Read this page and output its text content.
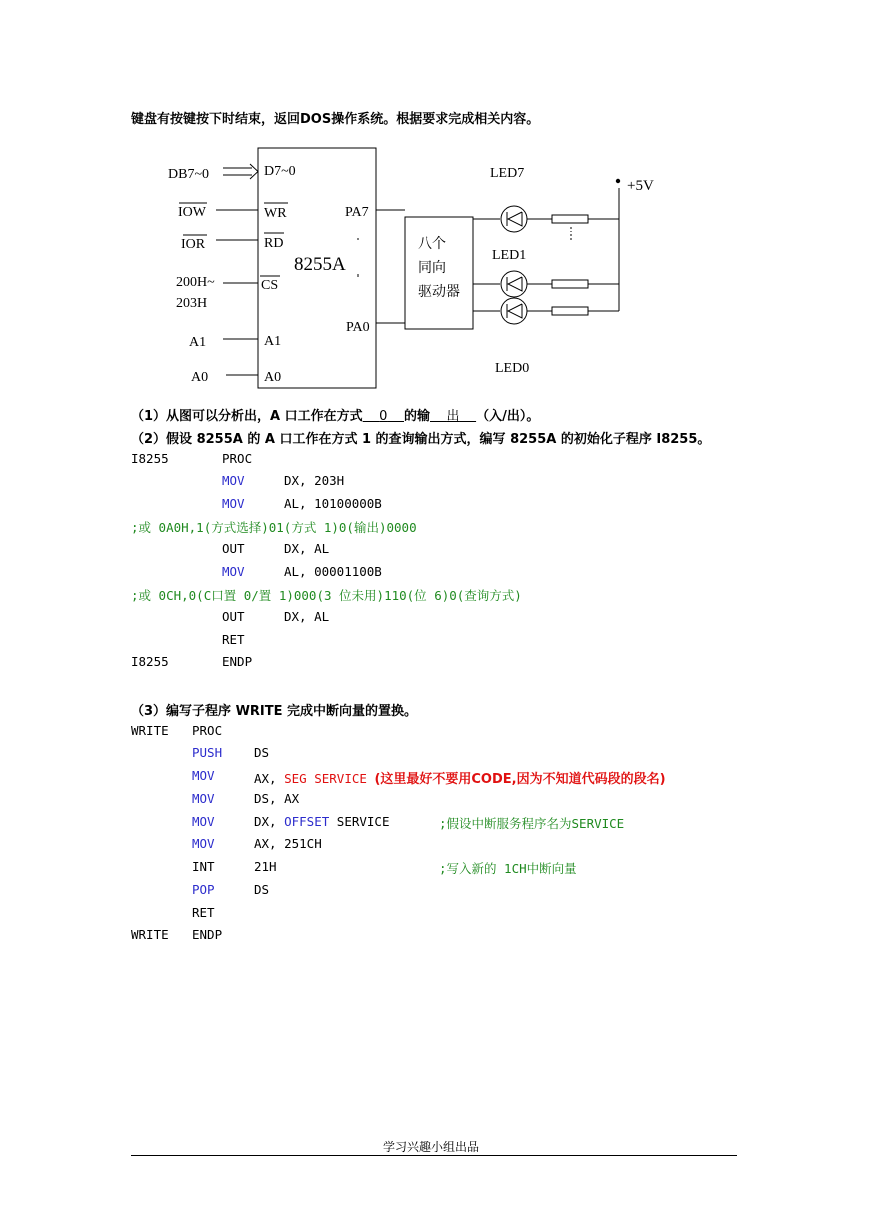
键盘有按键按下时结束，返回DOS操作系统。根据要求完成相关内容。
DB7~0
IOW
IOR
200H~
203H
A1
A0
D7~0
WR
RD
CS
A1
A0
8255A
PA7
PA0
LED7
LED1
LED0
+5V
八个
同向
驱动器
（1）从图可以分析出，A 口工作在方式 0 的输 出 （入/出）。
（2）假设 8255A 的 A 口工作在方式 1 的查询输出方式，编写 8255A 的初始化子程序 I8255。
I8255	PROC
MOV	DX, 203H
MOV	AL, 10100000B
;或 0A0H,1(方式选择)01(方式 1)0(输出)0000
OUT	DX, AL
MOV	AL, 00001100B
;或 0CH,0(C口置 0/置 1)000(3 位未用)110(位 6)0(查询方式)
OUT	DX, AL
RET
I8255	ENDP
（3）编写子程序 WRITE 完成中断向量的置换。
WRITE PROC
PUSH	DS
MOV	AX, SEG SERVICE (这里最好不要用CODE,因为不知道代码段的段名)
MOV	DS, AX
MOV	DX, OFFSET SERVICE	;假设中断服务程序名为SERVICE
MOV	AX, 251CH
INT	21H	;写入新的 1CH中断向量
POP	DS
RET
WRITE ENDP
学习兴趣小组出品
